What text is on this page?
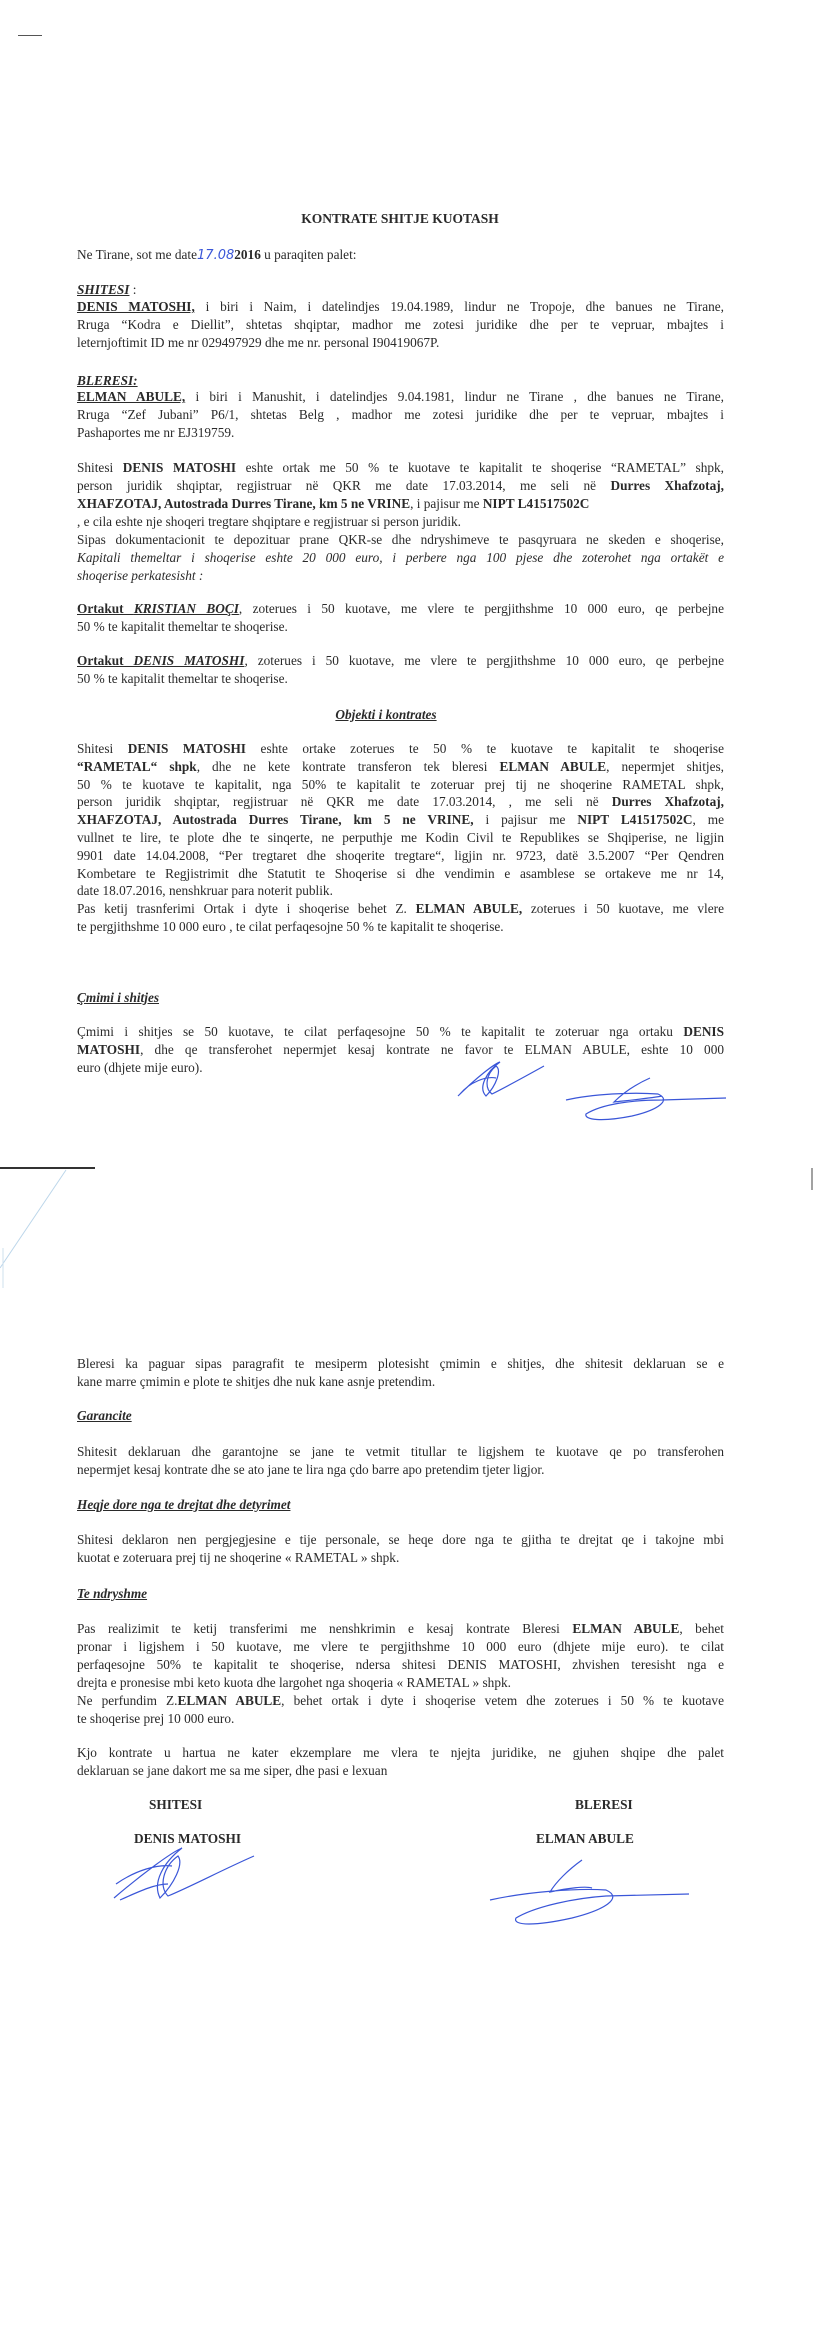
KONTRATE SHITJE KUOTASH
Ne Tirane, sot me date17.082016 u paraqiten palet:
SHITESI :
DENIS MATOSHI, i biri i Naim, i datelindjes 19.04.1989, lindur ne Tropoje, dhe banues ne Tirane,
Rruga “Kodra e Diellit”, shtetas shqiptar, madhor me zotesi juridike dhe per te vepruar, mbajtes i
leternjoftimit ID me nr 029497929 dhe me nr. personal I90419067P.
BLERESI:
ELMAN ABULE, i biri i Manushit, i datelindjes 9.04.1981, lindur ne Tirane , dhe banues ne Tirane,
Rruga “Zef Jubani” P6/1, shtetas Belg , madhor me zotesi juridike dhe per te vepruar, mbajtes i
Pashaportes me nr EJ319759.
Shitesi DENIS MATOSHI eshte ortak me 50 % te kuotave te kapitalit te shoqerise “RAMETAL” shpk,
person juridik shqiptar, regjistruar në QKR me date 17.03.2014, me seli në Durres Xhafzotaj,
XHAFZOTAJ, Autostrada Durres Tirane, km 5 ne VRINE, i pajisur me NIPT L41517502C
, e cila eshte nje shoqeri tregtare shqiptare e regjistruar si person juridik.
Sipas dokumentacionit te depozituar prane QKR-se dhe ndryshimeve te pasqyruara ne skeden e shoqerise,
Kapitali themeltar i shoqerise eshte 20 000 euro, i perbere nga 100 pjese dhe zoterohet nga ortakët e
shoqerise perkatesisht :
Ortakut KRISTIAN BOÇI, zoterues i 50 kuotave, me vlere te pergjithshme 10 000 euro, qe perbejne
50 % te kapitalit themeltar te shoqerise.
Ortakut DENIS MATOSHI, zoterues i 50 kuotave, me vlere te pergjithshme 10 000 euro, qe perbejne
50 % te kapitalit themeltar te shoqerise.
Objekti i kontrates
Shitesi DENIS MATOSHI eshte ortake zoterues te 50 % te kuotave te kapitalit te shoqerise
“RAMETAL“ shpk, dhe ne kete kontrate transferon tek bleresi ELMAN ABULE, nepermjet shitjes,
50 % te kuotave te kapitalit, nga 50% te kapitalit te zoteruar prej tij ne shoqerine RAMETAL shpk,
person juridik shqiptar, regjistruar në QKR me date 17.03.2014, , me seli në Durres Xhafzotaj,
XHAFZOTAJ, Autostrada Durres Tirane, km 5 ne VRINE, i pajisur me NIPT L41517502C, me
vullnet te lire, te plote dhe te sinqerte, ne perputhje me Kodin Civil te Republikes se Shqiperise, ne ligjin
9901 date 14.04.2008, “Per tregtaret dhe shoqerite tregtare“, ligjin nr. 9723, datë 3.5.2007 “Per Qendren
Kombetare te Regjistrimit dhe Statutit te Shoqerise si dhe vendimin e asamblese se ortakeve me nr 14,
date 18.07.2016, nenshkruar para noterit publik.
Pas ketij trasnferimi Ortak i dyte i shoqerise behet Z. ELMAN ABULE, zoterues i 50 kuotave, me vlere
te pergjithshme 10 000 euro , te cilat perfaqesojne 50 % te kapitalit te shoqerise.
Çmimi i shitjes
Çmimi i shitjes se 50 kuotave, te cilat perfaqesojne 50 % te kapitalit te zoteruar nga ortaku DENIS
MATOSHI, dhe qe transferohet nepermjet kesaj kontrate ne favor te ELMAN ABULE, eshte 10 000
euro (dhjete mije euro).
Bleresi ka paguar sipas paragrafit te mesiperm plotesisht çmimin e shitjes, dhe shitesit deklaruan se e
kane marre çmimin e plote te shitjes dhe nuk kane asnje pretendim.
Garancite
Shitesit deklaruan dhe garantojne se jane te vetmit titullar te ligjshem te kuotave qe po transferohen
nepermjet kesaj kontrate dhe se ato jane te lira nga çdo barre apo pretendim tjeter ligjor.
Heqje dore nga te drejtat dhe detyrimet
Shitesi deklaron nen pergjegjesine e tije personale, se heqe dore nga te gjitha te drejtat qe i takojne mbi
kuotat e zoteruara prej tij ne shoqerine « RAMETAL » shpk.
Te ndryshme
Pas realizimit te ketij transferimi me nenshkrimin e kesaj kontrate Bleresi ELMAN ABULE, behet
pronar i ligjshem i 50 kuotave, me vlere te pergjithshme 10 000 euro (dhjete mije euro). te cilat
perfaqesojne 50% te kapitalit te shoqerise, ndersa shitesi DENIS MATOSHI, zhvishen teresisht nga e
drejta e pronesise mbi keto kuota dhe largohet nga shoqeria « RAMETAL » shpk.
Ne perfundim Z.ELMAN ABULE, behet ortak i dyte i shoqerise vetem dhe zoterues i 50 % te kuotave
te shoqerise prej 10 000 euro.
Kjo kontrate u hartua ne kater ekzemplare me vlera te njejta juridike, ne gjuhen shqipe dhe palet
deklaruan se jane dakort me sa me siper, dhe pasi e lexuan
SHITESI	BLERESI
DENIS MATOSHI	ELMAN ABULE
